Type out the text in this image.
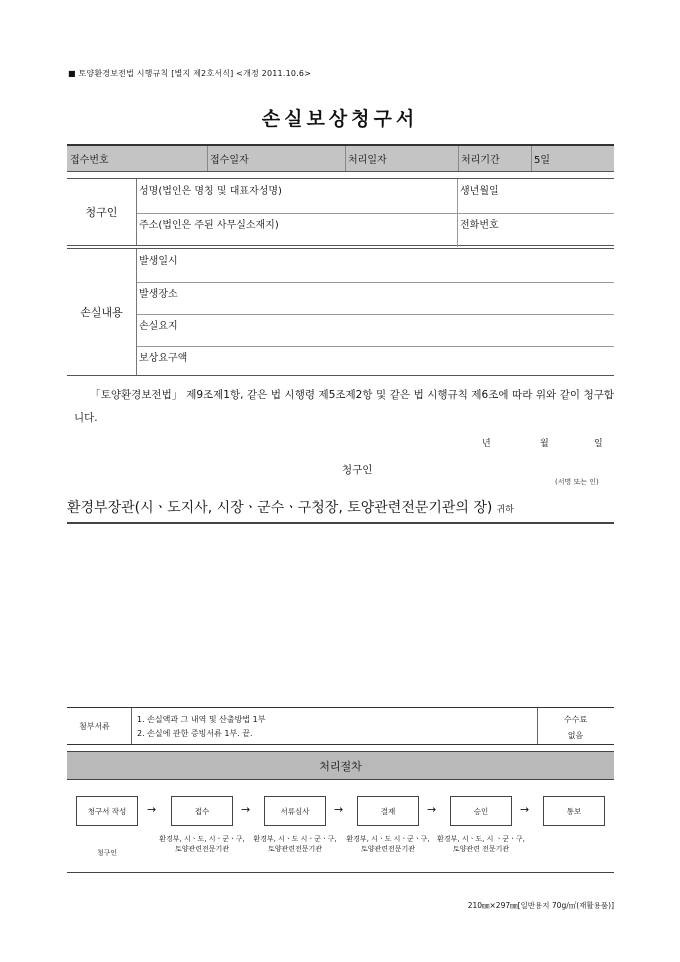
■ 토양환경보전법 시행규칙 [별지 제2호서식] <개정 2011.10.6>
손실보상청구서
접수번호	접수일자	처리일자	처리기간	5일
청구인
성명(법인은 명칭 및 대표자성명)	생년월일
주소(법인은 주된 사무실소재지)	전화번호
손실내용
발생일시
발생장소
손실요지
보상요구액

「토양환경보전법」 제9조제1항, 같은 법 시행령 제5조제2항 및 같은 법 시행규칙 제6조에 따라 위와 같이 청구합니다.

년	월	일
청구인
(서명 또는 인)
환경부장관(시ㆍ도지사, 시장ㆍ군수ㆍ구청장, 토양관련전문기관의 장) 귀하
첨부서류
1. 손실액과 그 내역 및 산출방법 1부
2. 손실에 관한 증빙서류 1부. 끝.
수수료
없음
처리절차
청구서 작성 →	접수	→	서류심사 →	결재	→	승인	→	통보
청구인
환경부, 시ㆍ도, 시ㆍ군ㆍ구, 토양관련전문기관
환경부, 시ㆍ도 시ㆍ군ㆍ구, 토양관련전문기관
환경부, 시ㆍ도 시ㆍ군ㆍ구, 토양관련전문기관
환경부, 시ㆍ도, 시 ㆍ군ㆍ구, 토양관련 전문기관
210㎜×297㎜[일반용지 70g/㎡(재활용품)]
